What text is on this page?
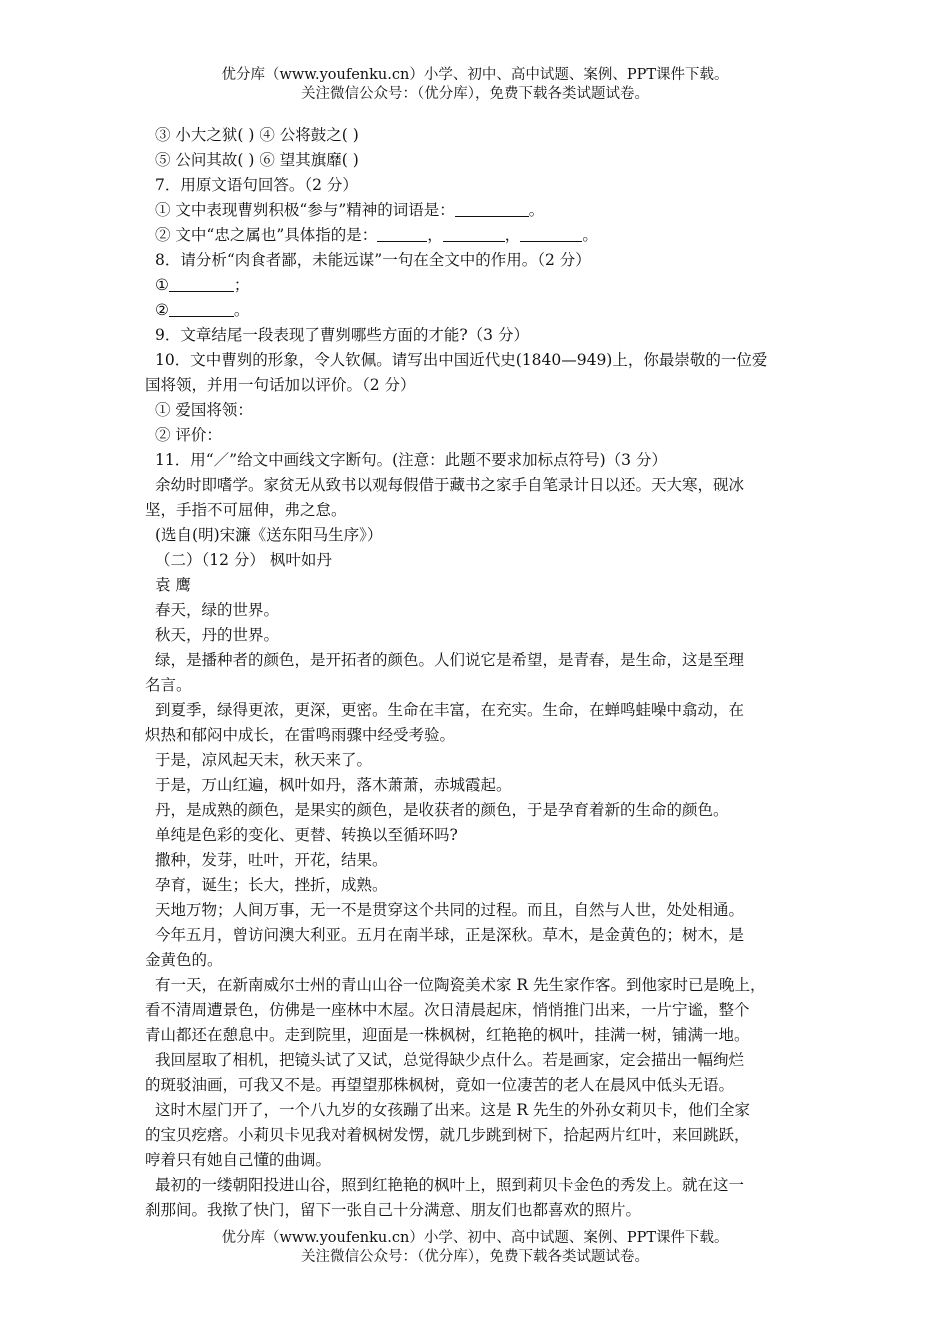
优分库（www.youfenku.cn）小学、初中、高中试题、案例、PPT课件下载。
关注微信公众号：（优分库），免费下载各类试题试卷。
③ 小大之狱( ) ④ 公将鼓之( )
⑤ 公问其故( ) ⑥ 望其旗靡( )
7．用原文语句回答。（2 分）
① 文中表现曹刿积极“参与”精神的词语是：	。
② 文中“忠之属也”具体指的是：	，	，	。
8．请分析“肉食者鄙，未能远谋”一句在全文中的作用。（2 分）
①	；
②	。
9．文章结尾一段表现了曹刿哪些方面的才能?（3 分）
10．文中曹刿的形象，令人钦佩。请写出中国近代史(1840—949)上，你最崇敬的一位爱
国将领，并用一句话加以评价。（2 分）
① 爱国将领：
② 评价：
11．用“／”给文中画线文字断句。(注意：此题不要求加标点符号)（3 分）
余幼时即嗜学。家贫无从致书以观每假借于藏书之家手自笔录计日以还。天大寒，砚冰
坚，手指不可屈伸，弗之怠。
(选自(明)宋濂《送东阳马生序》）
（二）（12 分） 枫叶如丹
袁 鹰
春天，绿的世界。
秋天，丹的世界。
绿，是播种者的颜色，是开拓者的颜色。人们说它是希望，是青春，是生命，这是至理
名言。
到夏季，绿得更浓，更深，更密。生命在丰富，在充实。生命，在蝉鸣蛙噪中翕动，在
炽热和郁闷中成长，在雷鸣雨骤中经受考验。
于是，凉风起天末，秋天来了。
于是，万山红遍，枫叶如丹，落木萧萧，赤城霞起。
丹，是成熟的颜色，是果实的颜色，是收获者的颜色，于是孕育着新的生命的颜色。
单纯是色彩的变化、更替、转换以至循环吗?
撒种，发芽，吐叶，开花，结果。
孕育，诞生；长大，挫折，成熟。
天地万物；人间万事，无一不是贯穿这个共同的过程。而且，自然与人世，处处相通。
今年五月，曾访问澳大利亚。五月在南半球，正是深秋。草木，是金黄色的；树木，是
金黄色的。
有一天，在新南威尔士州的青山山谷一位陶瓷美术家 R 先生家作客。到他家时已是晚上，
看不清周遭景色，仿佛是一座林中木屋。次日清晨起床，悄悄推门出来，一片宁谧，整个
青山都还在憩息中。走到院里，迎面是一株枫树，红艳艳的枫叶，挂满一树，铺满一地。
我回屋取了相机，把镜头试了又试，总觉得缺少点什么。若是画家，定会描出一幅绚烂
的斑驳油画，可我又不是。再望望那株枫树，竟如一位凄苦的老人在晨风中低头无语。
这时木屋门开了，一个八九岁的女孩蹦了出来。这是 R 先生的外孙女莉贝卡，他们全家
的宝贝疙瘩。小莉贝卡见我对着枫树发愣，就几步跳到树下，拾起两片红叶，来回跳跃，
哼着只有她自己懂的曲调。
最初的一缕朝阳投进山谷，照到红艳艳的枫叶上，照到莉贝卡金色的秀发上。就在这一
刹那间。我揿了快门，留下一张自己十分满意、朋友们也都喜欢的照片。
优分库（www.youfenku.cn）小学、初中、高中试题、案例、PPT课件下载。
关注微信公众号：（优分库），免费下载各类试题试卷。
